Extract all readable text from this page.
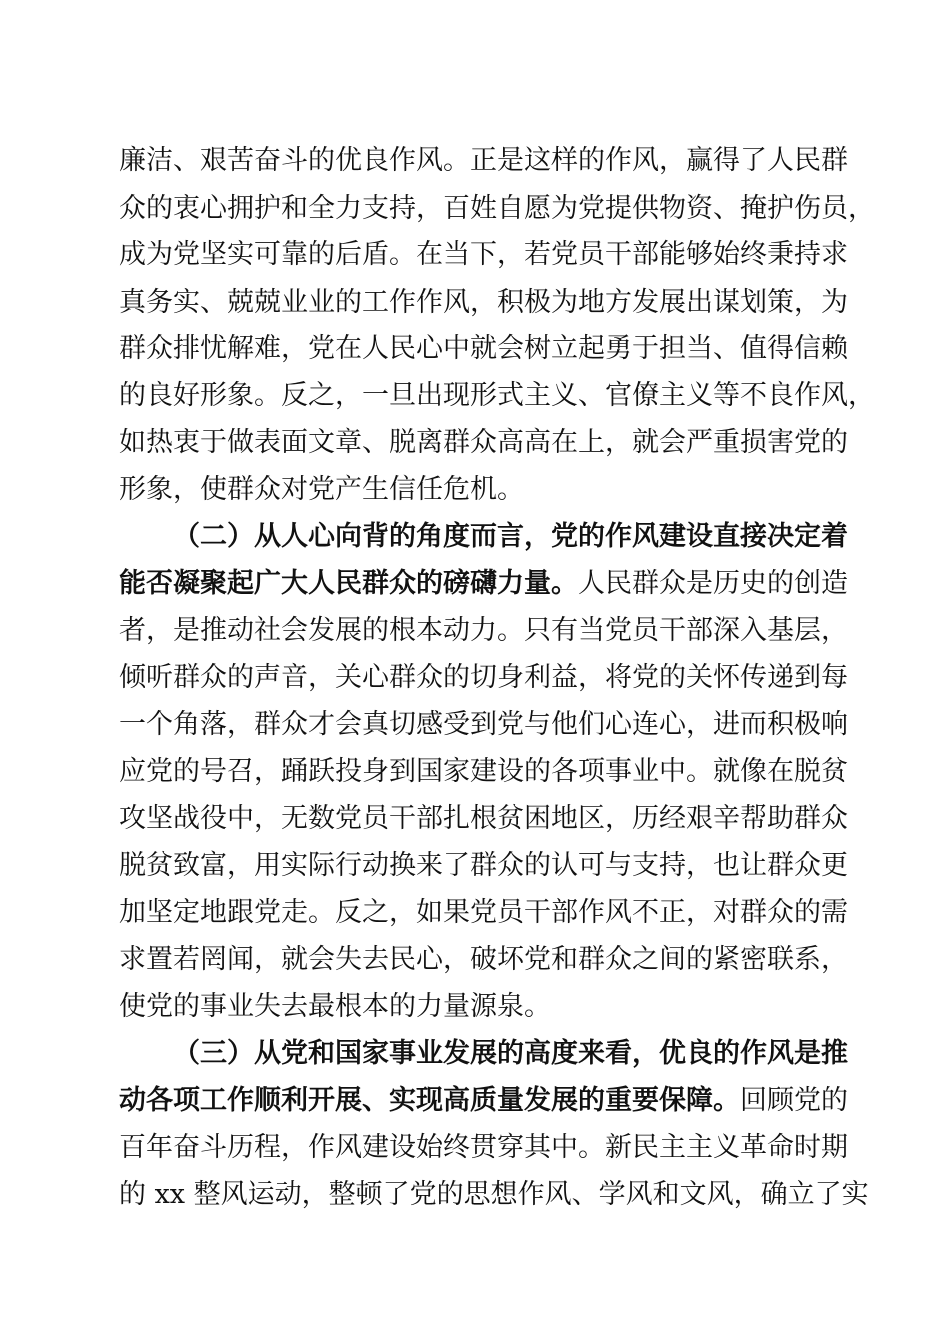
廉洁、艰苦奋斗的优良作风。正是这样的作风，赢得了人民群
众的衷心拥护和全力支持，百姓自愿为党提供物资、掩护伤员，
成为党坚实可靠的后盾。在当下，若党员干部能够始终秉持求
真务实、兢兢业业的工作作风，积极为地方发展出谋划策，为
群众排忧解难，党在人民心中就会树立起勇于担当、值得信赖
的良好形象。反之，一旦出现形式主义、官僚主义等不良作风，
如热衷于做表面文章、脱离群众高高在上，就会严重损害党的
形象，使群众对党产生信任危机。
（二）从人心向背的角度而言，党的作风建设直接决定着
能否凝聚起广大人民群众的磅礴力量。人民群众是历史的创造
者，是推动社会发展的根本动力。只有当党员干部深入基层，
倾听群众的声音，关心群众的切身利益，将党的关怀传递到每
一个角落，群众才会真切感受到党与他们心连心，进而积极响
应党的号召，踊跃投身到国家建设的各项事业中。就像在脱贫
攻坚战役中，无数党员干部扎根贫困地区，历经艰辛帮助群众
脱贫致富，用实际行动换来了群众的认可与支持，也让群众更
加坚定地跟党走。反之，如果党员干部作风不正，对群众的需
求置若罔闻，就会失去民心，破坏党和群众之间的紧密联系，
使党的事业失去最根本的力量源泉。
（三）从党和国家事业发展的高度来看，优良的作风是推
动各项工作顺利开展、实现高质量发展的重要保障。回顾党的
百年奋斗历程，作风建设始终贯穿其中。新民主主义革命时期
的 xx 整风运动，整顿了党的思想作风、学风和文风，确立了实
